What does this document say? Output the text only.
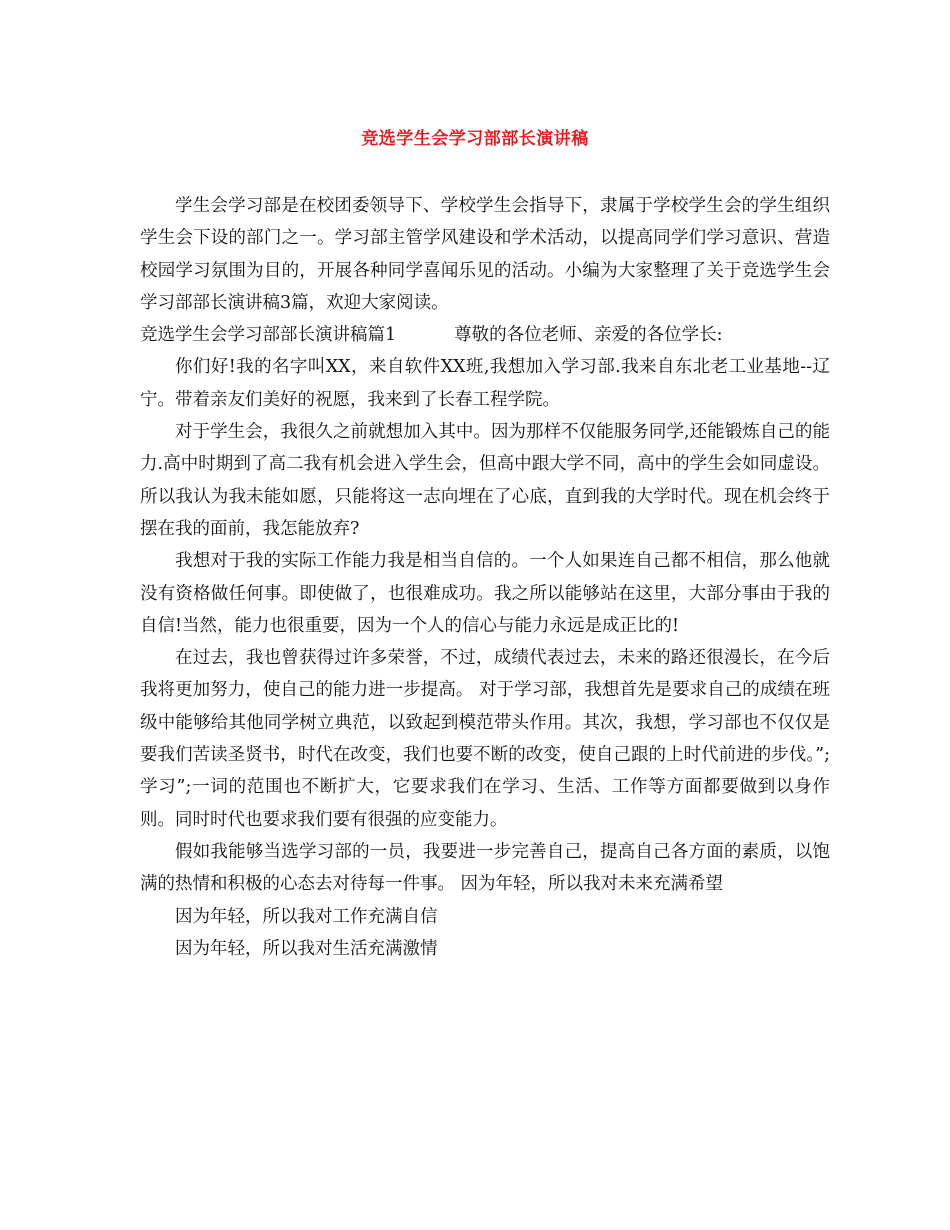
竞选学生会学习部部长演讲稿

学生会学习部是在校团委领导下、学校学生会指导下，隶属于学校学生会的学生组织学生会下设的部门之一。学习部主管学风建设和学术活动，以提高同学们学习意识、营造校园学习氛围为目的，开展各种同学喜闻乐见的活动。小编为大家整理了关于竞选学生会学习部部长演讲稿3篇，欢迎大家阅读。

竞选学生会学习部部长演讲稿篇1	尊敬的各位老师、亲爱的各位学长:

你们好!我的名字叫XX，来自软件XX班,我想加入学习部.我来自东北老工业基地--辽宁。带着亲友们美好的祝愿，我来到了长春工程学院。

对于学生会，我很久之前就想加入其中。因为那样不仅能服务同学,还能锻炼自己的能力.高中时期到了高二我有机会进入学生会，但高中跟大学不同，高中的学生会如同虚设。所以我认为我未能如愿，只能将这一志向埋在了心底，直到我的大学时代。现在机会终于摆在我的面前，我怎能放弃?

我想对于我的实际工作能力我是相当自信的。一个人如果连自己都不相信，那么他就没有资格做任何事。即使做了，也很难成功。我之所以能够站在这里，大部分事由于我的自信!当然，能力也很重要，因为一个人的信心与能力永远是成正比的!

在过去，我也曾获得过许多荣誉，不过，成绩代表过去，未来的路还很漫长，在今后我将更加努力，使自己的能力进一步提高。 对于学习部，我想首先是要求自己的成绩在班级中能够给其他同学树立典范，以致起到模范带头作用。其次，我想，学习部也不仅仅是要我们苦读圣贤书，时代在改变，我们也要不断的改变，使自己跟的上时代前进的步伐。”;学习”;一词的范围也不断扩大，它要求我们在学习、生活、工作等方面都要做到以身作则。同时时代也要求我们要有很强的应变能力。

假如我能够当选学习部的一员，我要进一步完善自己，提高自己各方面的素质，以饱满的热情和积极的心态去对待每一件事。 因为年轻，所以我对未来充满希望

因为年轻，所以我对工作充满自信

因为年轻，所以我对生活充满激情
